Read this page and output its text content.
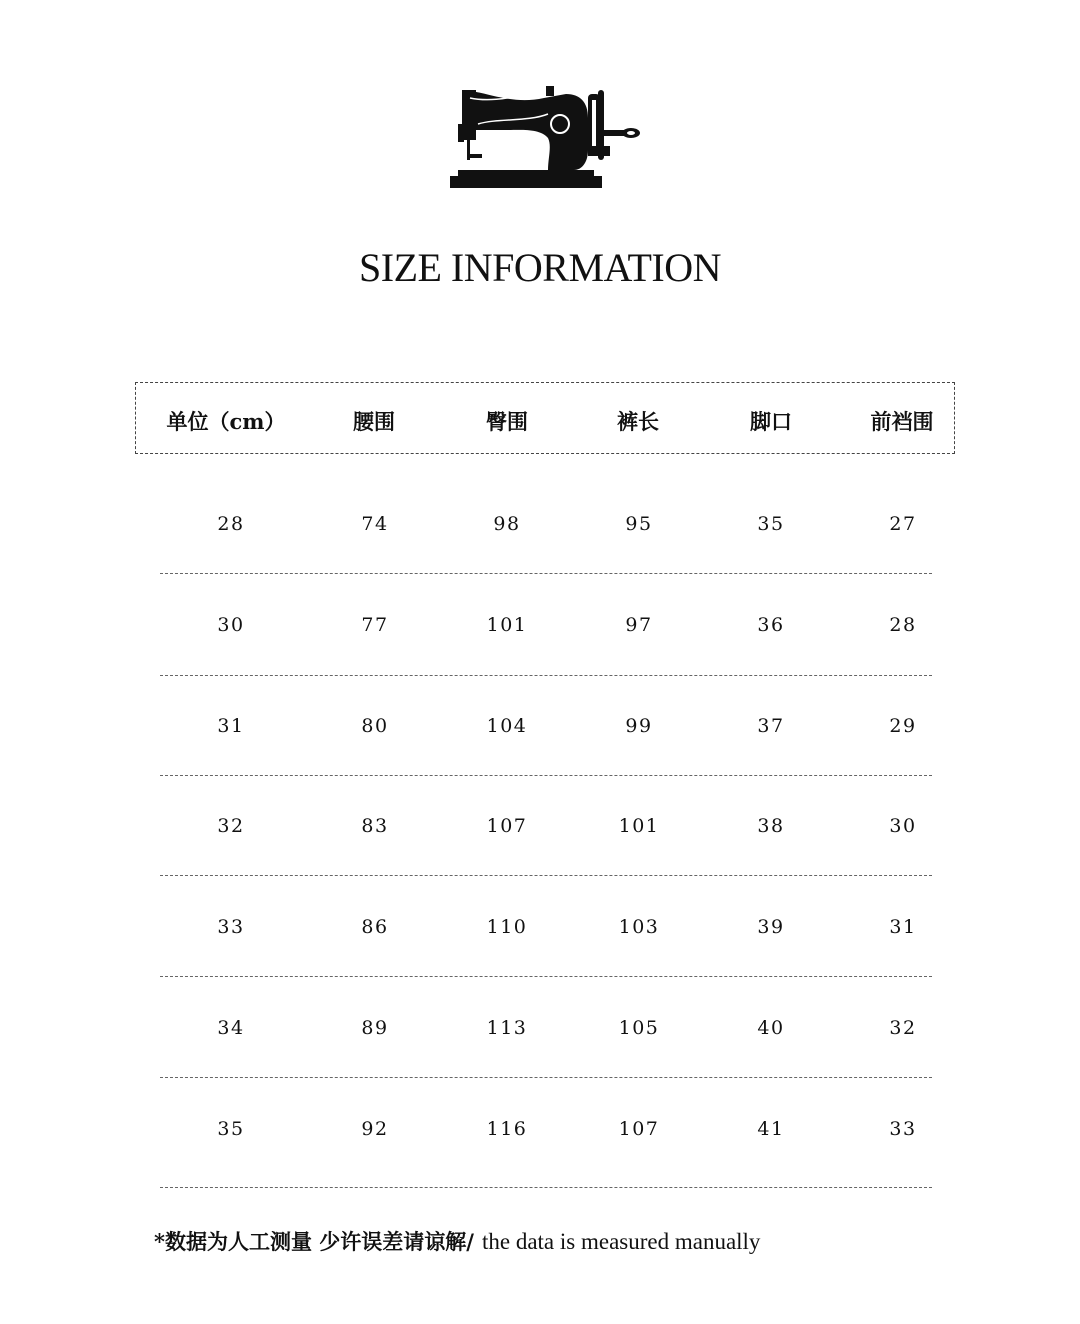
SIZE INFORMATION
单位（cm）	腰围	臀围	裤长	脚口	前裆围
28	74	98	95	35	27
30	77	101	97	36	28
31	80	104	99	37	29
32	83	107	101	38	30
33	86	110	103	39	31
34	89	113	105	40	32
35	92	116	107	41	33
*数据为人工测量 少许误差请谅解/ the data is measured manually
